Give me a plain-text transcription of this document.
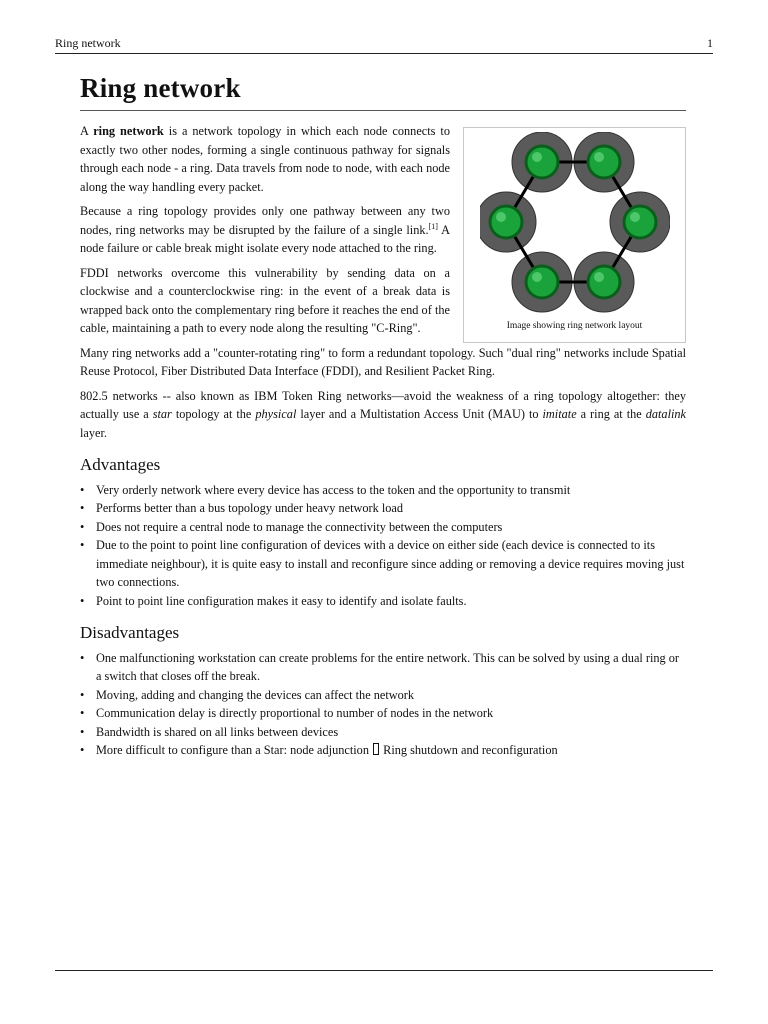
Ring network	1
Ring network
Image showing ring network layout

A ring network is a network topology in which each node connects to exactly two other nodes, forming a single continuous pathway for signals through each node - a ring. Data travels from node to node, with each node along the way handling every packet.

Because a ring topology provides only one pathway between any two nodes, ring networks may be disrupted by the failure of a single link.[1] A node failure or cable break might isolate every node attached to the ring.

FDDI networks overcome this vulnerability by sending data on a clockwise and a counterclockwise ring: in the event of a break data is wrapped back onto the complementary ring before it reaches the end of the cable, maintaining a path to every node along the resulting "C-Ring".

Many ring networks add a "counter-rotating ring" to form a redundant topology. Such "dual ring" networks include Spatial Reuse Protocol, Fiber Distributed Data Interface (FDDI), and Resilient Packet Ring.

802.5 networks -- also known as IBM Token Ring networks—avoid the weakness of a ring topology altogether: they actually use a star topology at the physical layer and a Multistation Access Unit (MAU) to imitate a ring at the datalink layer.

Advantages
• Very orderly network where every device has access to the token and the opportunity to transmit
• Performs better than a bus topology under heavy network load
• Does not require a central node to manage the connectivity between the computers
• Due to the point to point line configuration of devices with a device on either side (each device is connected to its immediate neighbour), it is quite easy to install and reconfigure since adding or removing a device requires moving just two connections.
• Point to point line configuration makes it easy to identify and isolate faults.
Disadvantages
• One malfunctioning workstation can create problems for the entire network. This can be solved by using a dual ring or a switch that closes off the break.
• Moving, adding and changing the devices can affect the network
• Communication delay is directly proportional to number of nodes in the network
• Bandwidth is shared on all links between devices
• More difficult to configure than a Star: node adjunction  Ring shutdown and reconfiguration
